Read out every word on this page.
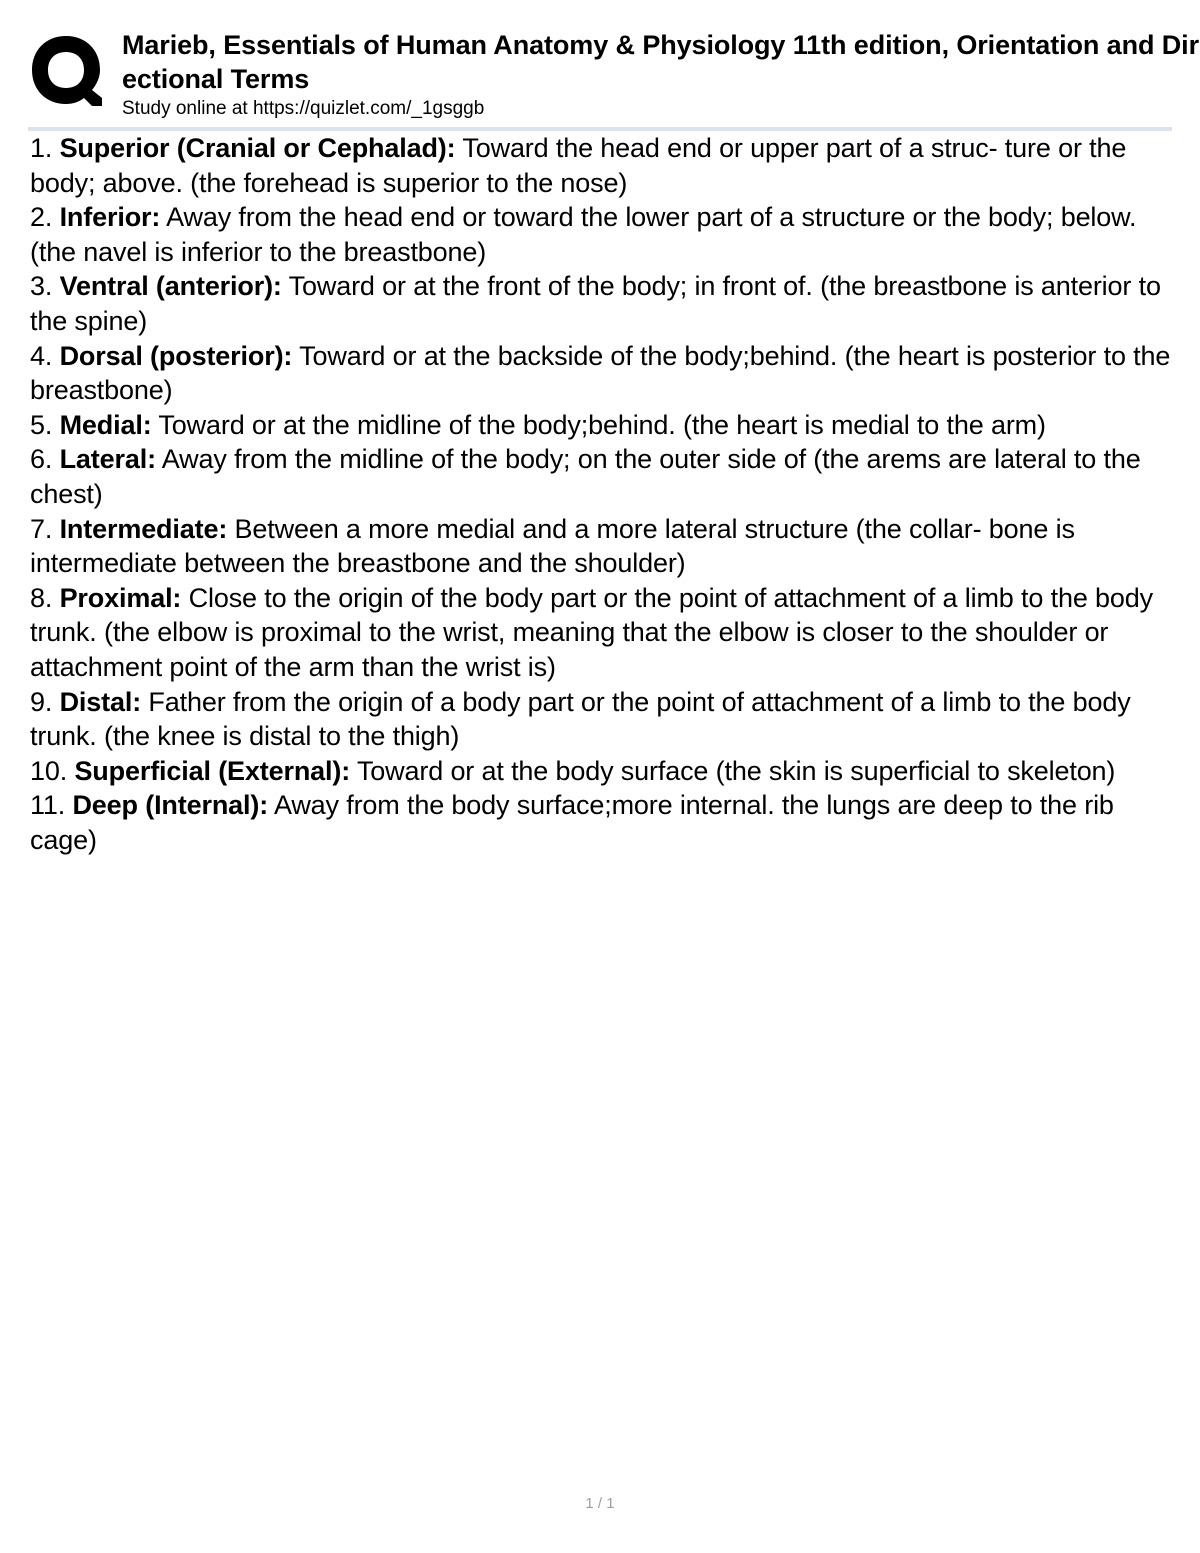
Marieb, Essentials of Human Anatomy & Physiology 11th edition, Orientation and Directional Terms
Study online at https://quizlet.com/_1gsggb

1. Superior (Cranial or Cephalad): Toward the head end or upper part of a struc- ture or the body; above. (the forehead is superior to the nose)

2. Inferior: Away from the head end or toward the lower part of a structure or the body; below. (the navel is inferior to the breastbone)

3. Ventral (anterior): Toward or at the front of the body; in front of. (the breastbone is anterior to the spine)

4. Dorsal (posterior): Toward or at the backside of the body;behind. (the heart is posterior to the breastbone)

5. Medial: Toward or at the midline of the body;behind. (the heart is medial to the arm)

6. Lateral: Away from the midline of the body; on the outer side of (the arems are lateral to the chest)

7. Intermediate: Between a more medial and a more lateral structure (the collar- bone is intermediate between the breastbone and the shoulder)

8. Proximal: Close to the origin of the body part or the point of attachment of a limb to the body trunk. (the elbow is proximal to the wrist, meaning that the elbow is closer to the shoulder or attachment point of the arm than the wrist is)

9. Distal: Father from the origin of a body part or the point of attachment of a limb to the body trunk. (the knee is distal to the thigh)

10. Superficial (External): Toward or at the body surface (the skin is superficial to skeleton)

11. Deep (Internal): Away from the body surface;more internal. the lungs are deep to the rib cage)

1 / 1
